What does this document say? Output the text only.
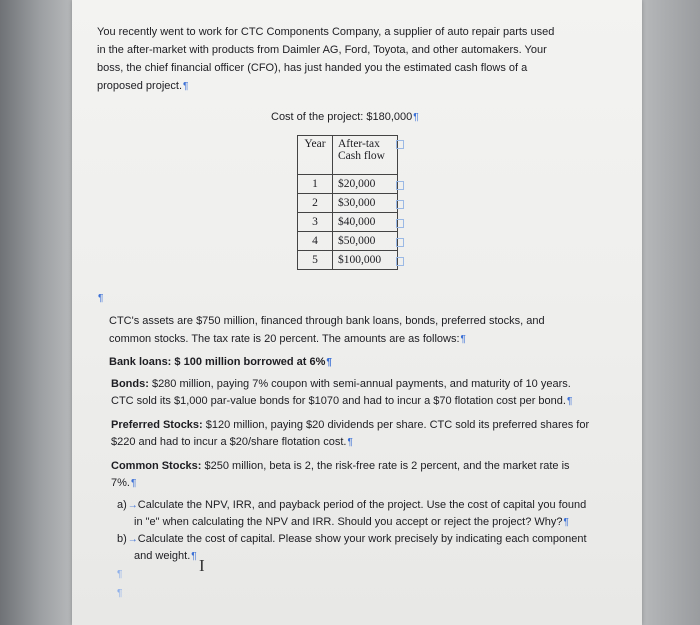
You recently went to work for CTC Components Company, a supplier of auto repair parts used
in the after-market with products from Daimler AG, Ford, Toyota, and other automakers. Your
boss, the chief financial officer (CFO), has just handed you the estimated cash flows of a
proposed project.¶
Cost of the project: $180,000¶
Year	After-tax
Cash flow
1	$20,000
2	$30,000
3	$40,000
4	$50,000
5	$100,000
¶
CTC's assets are $750 million, financed through bank loans, bonds, preferred stocks, and
common stocks. The tax rate is 20 percent. The amounts are as follows:¶
Bank loans: $ 100 million borrowed at 6%¶
Bonds: $280 million, paying 7% coupon with semi-annual payments, and maturity of 10 years.
CTC sold its $1,000 par-value bonds for $1070 and had to incur a $70 flotation cost per bond.¶
Preferred Stocks: $120 million, paying $20 dividends per share. CTC sold its preferred shares for
$220 and had to incur a $20/share flotation cost.¶
Common Stocks: $250 million, beta is 2, the risk-free rate is 2 percent, and the market rate is
7%.¶
a)→Calculate the NPV, IRR, and payback period of the project. Use the cost of capital you found
in "e" when calculating the NPV and IRR. Should you accept or reject the project? Why?¶
b)→Calculate the cost of capital. Please show your work precisely by indicating each component
and weight.¶
¶
¶
I
